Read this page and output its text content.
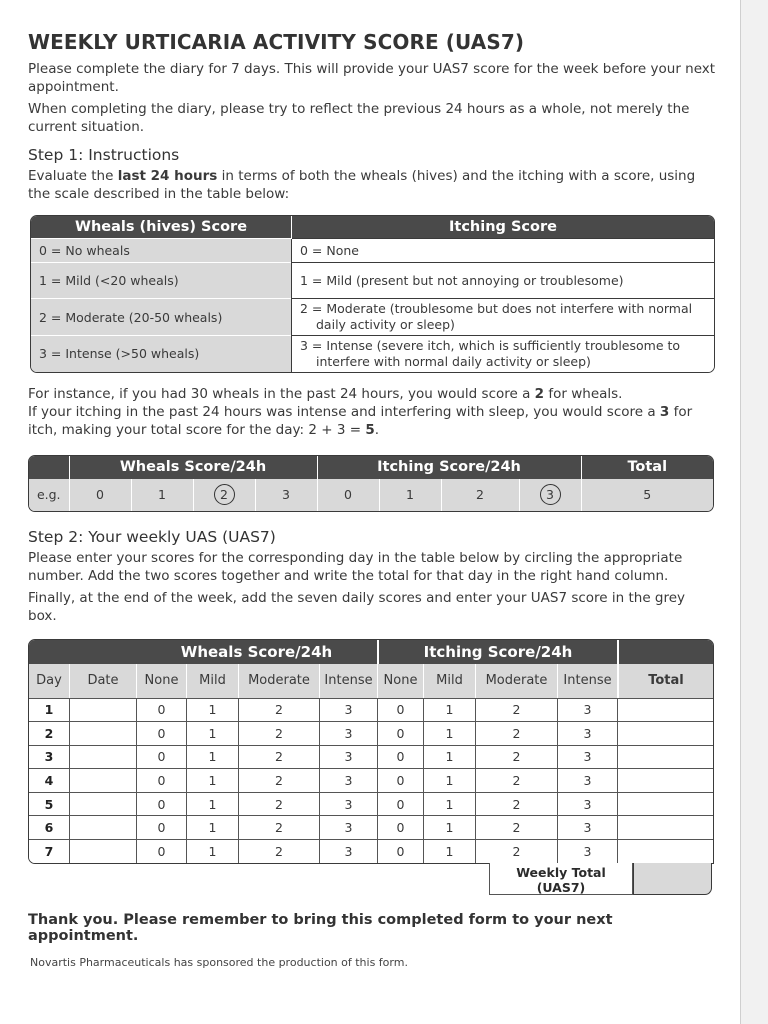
WEEKLY URTICARIA ACTIVITY SCORE (UAS7)

Please complete the diary for 7 days. This will provide your UAS7 score for the week before your next appointment.

When completing the diary, please try to reflect the previous 24 hours as a whole, not merely the current situation.

Step 1: Instructions

Evaluate the last 24 hours in terms of both the wheals (hives) and the itching with a score, using the scale described in the table below:

Wheals (hives) Score	Itching Score
0 = No wheals	0 = None
1 = Mild (<20 wheals)	1 = Mild (present but not annoying or troublesome)
2 = Moderate (20-50 wheals)	2 = Moderate (troublesome but does not interfere with normal daily activity or sleep)
3 = Intense (>50 wheals)	3 = Intense (severe itch, which is sufficiently troublesome to interfere with normal daily activity or sleep)

For instance, if you had 30 wheals in the past 24 hours, you would score a 2 for wheals.
If your itching in the past 24 hours was intense and interfering with sleep, you would score a 3 for itch, making your total score for the day: 2 + 3 = 5.

	Wheals Score/24h				Itching Score/24h				Total
e.g.	0	1	2	3	0	1	2	3	5
Step 2: Your weekly UAS (UAS7)

Please enter your scores for the corresponding day in the table below by circling the appropriate number. Add the two scores together and write the total for that day in the right hand column.

Finally, at the end of the week, add the seven daily scores and enter your UAS7 score in the grey box.

		Wheals Score/24h				Itching Score/24h				
Day	Date	None	Mild	Moderate	Intense	None	Mild	Moderate	Intense	Total
1		0	1	2	3	0	1	2	3	
2		0	1	2	3	0	1	2	3	
3		0	1	2	3	0	1	2	3	
4		0	1	2	3	0	1	2	3	
5		0	1	2	3	0	1	2	3	
6		0	1	2	3	0	1	2	3	
7		0	1	2	3	0	1	2	3	
Weekly Total
(UAS7)
Thank you. Please remember to bring this completed form to your next appointment.
Novartis Pharmaceuticals has sponsored the production of this form.
